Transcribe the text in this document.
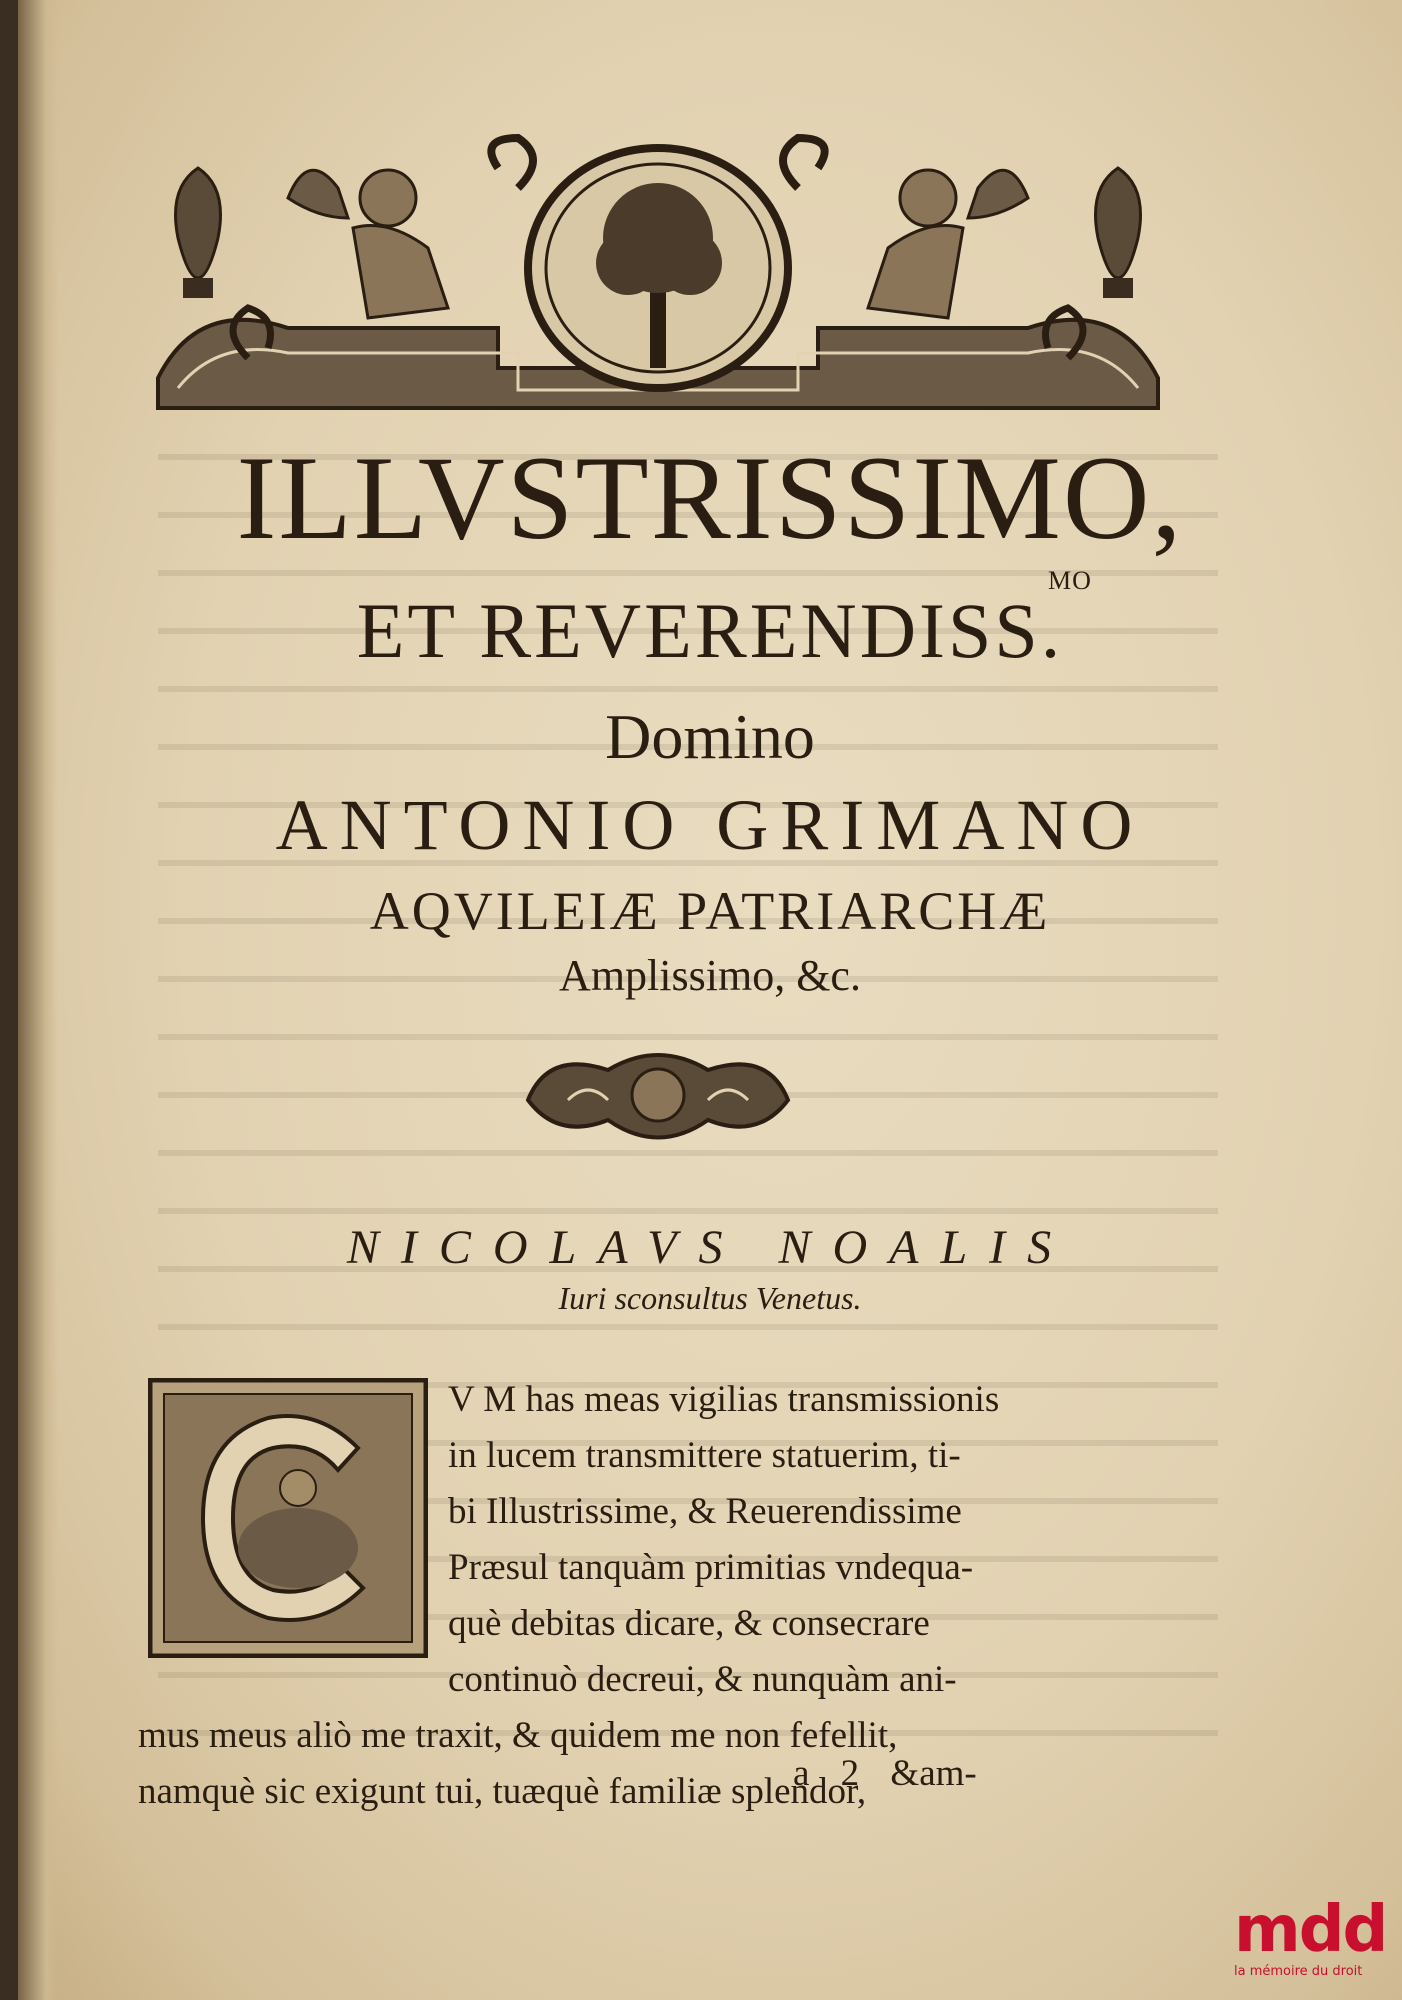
ILLVSTRISSIMO,
ET REVERENDISS.
MO
Domino
ANTONIO GRIMANO
AQVILEIÆ PATRIARCHÆ
Amplissimo, &c.
NICOLAVS NOALIS
Iuri sconsultus Venetus.
V M has meas vigilias transmissionis
in lucem transmittere statuerim, ti-
bi Illustrissime, & Reuerendissime
Præsul tanquàm primitias vndequa-
què debitas dicare, & consecrare
continuò decreui, & nunquàm ani-
mus meus aliò me traxit, & quidem me non fefellit,
namquè sic exigunt tui, tuæquè familiæ splendor,
a 2 &am-
mdd
la mémoire du droit
